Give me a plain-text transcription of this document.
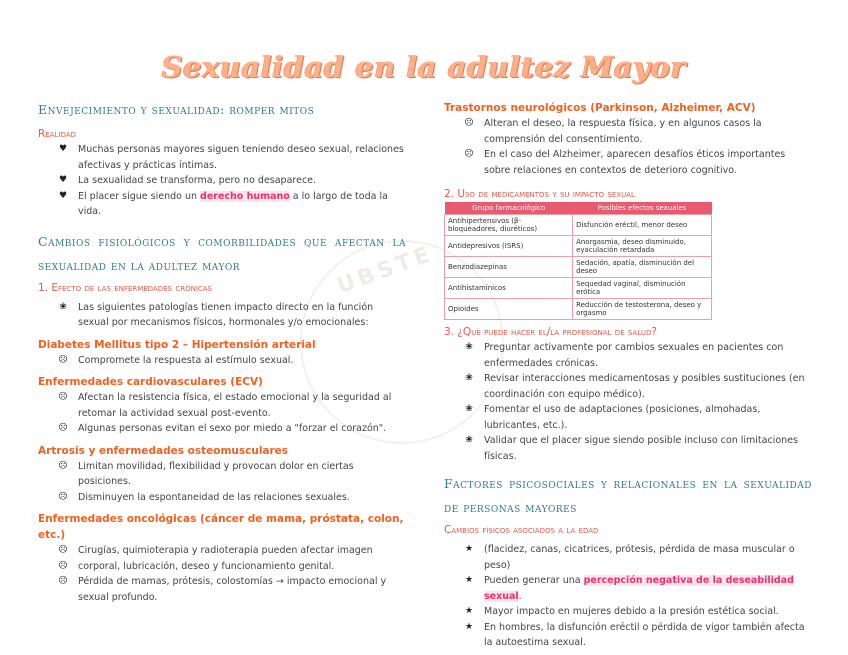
UBSTE
Sexualidad en la adultez Mayor

Envejecimiento y sexualidad: romper mitos

Realidad

♥	Muchas personas mayores siguen teniendo deseo sexual, relaciones afectivas y prácticas íntimas.
♥	La sexualidad se transforma, pero no desaparece.
♥	El placer sigue siendo un derecho humano a lo largo de toda la vida.

Cambios fisiológicos y comorbilidades que afectan la sexualidad en la adultez mayor

1. Efecto de las enfermedades crónicas

❀	Las siguientes patologías tienen impacto directo en la función sexual por mecanismos físicos, hormonales y/o emocionales:

Diabetes Mellitus tipo 2 – Hipertensión arterial

☹ Compromete la respuesta al estímulo sexual.

Enfermedades cardiovasculares (ECV)

☹ Afectan la resistencia física, el estado emocional y la seguridad al retomar la actividad sexual post-evento.
☹ Algunas personas evitan el sexo por miedo a "forzar el corazón".

Artrosis y enfermedades osteomusculares

☹ Limitan movilidad, flexibilidad y provocan dolor en ciertas posiciones.
☹ Disminuyen la espontaneidad de las relaciones sexuales.

Enfermedades oncológicas (cáncer de mama, próstata, colon, etc.)

☹ Cirugías, quimioterapia y radioterapia pueden afectar imagen
☹ corporal, lubricación, deseo y funcionamiento genital.
☹ Pérdida de mamas, prótesis, colostomías → impacto emocional y sexual profundo.

Trastornos neurológicos (Parkinson, Alzheimer, ACV)

☹ Alteran el deseo, la respuesta física, y en algunos casos la comprensión del consentimiento.
☹ En el caso del Alzheimer, aparecen desafíos éticos importantes sobre relaciones en contextos de deterioro cognitivo.

2. Uso de medicamentos y su impacto sexual

Grupo farmacológico	Posibles efectos sexuales
Antihipertensivos (β-bloqueadores, diuréticos)	Disfunción eréctil, menor deseo
Antidepresivos (ISRS)	Anorgasmia, deseo disminuido, eyaculación retardada
Benzodiazepinas	Sedación, apatía, disminución del deseo
Antihistamínicos	Sequedad vaginal, disminución erótica
Opioides	Reducción de testosterona, deseo y orgasmo

3. ¿Qué puede hacer el/la profesional de salud?

❀	Preguntar activamente por cambios sexuales en pacientes con enfermedades crónicas.
❀	Revisar interacciones medicamentosas y posibles sustituciones (en coordinación con equipo médico).
❀	Fomentar el uso de adaptaciones (posiciones, almohadas, lubricantes, etc.).
❀	Validar que el placer sigue siendo posible incluso con limitaciones físicas.

Factores psicosociales y relacionales en la sexualidad de personas mayores

Cambios físicos asociados a la edad

★	(flacidez, canas, cicatrices, prótesis, pérdida de masa muscular o peso)
★	Pueden generar una percepción negativa de la deseabilidad sexual.
★	Mayor impacto en mujeres debido a la presión estética social.
★	En hombres, la disfunción eréctil o pérdida de vigor también afecta la autoestima sexual.
